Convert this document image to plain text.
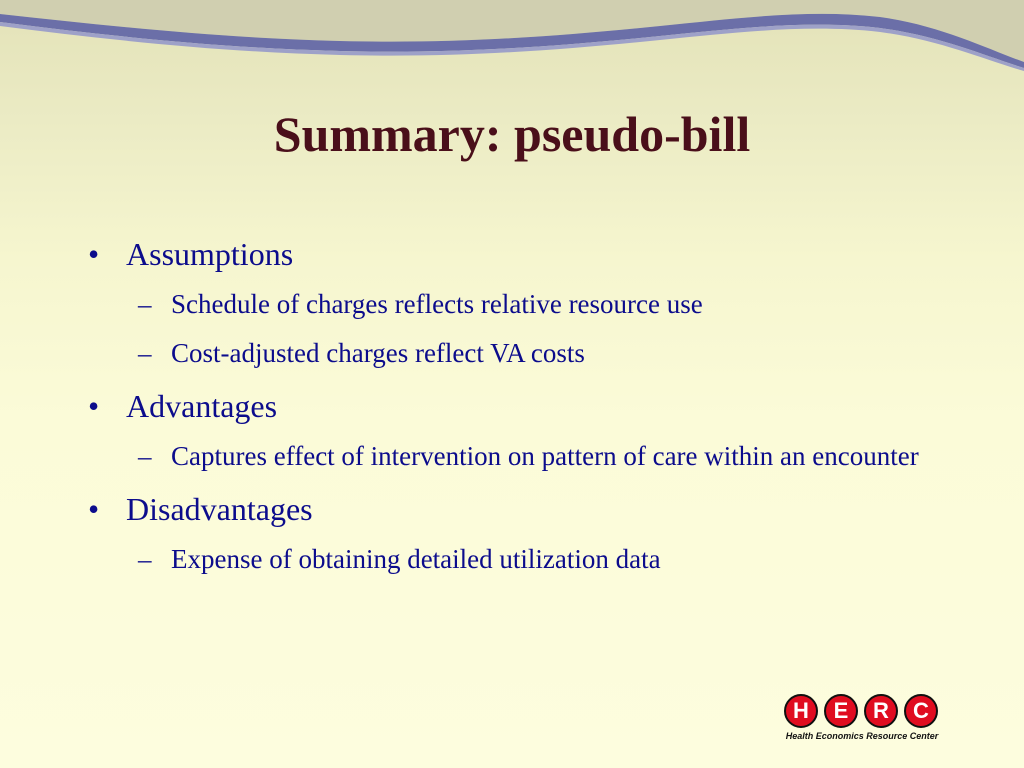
Summary: pseudo-bill
• Assumptions
– Schedule of charges reflects relative resource use
– Cost-adjusted charges reflect VA costs
• Advantages
– Captures effect of intervention on pattern of care within an encounter
• Disadvantages
– Expense of obtaining detailed utilization data
H	E	R	C
Health Economics Resource Center
